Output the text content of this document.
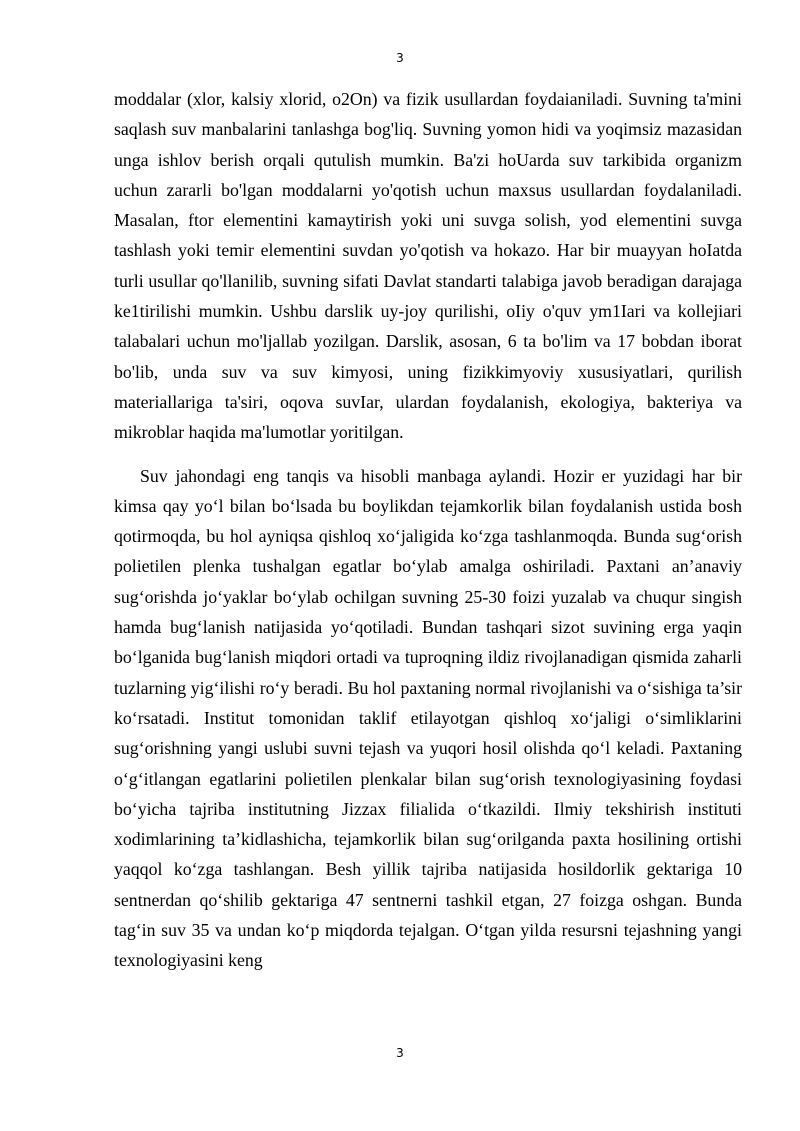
3

moddalar (xlor, kalsiy xlorid, o2On) va fizik usullardan foydaianiladi. Suvning ta'mini saqlash suv manbalarini tanlashga bog'liq. Suvning yomon hidi va yoqimsiz mazasidan unga ishlov berish orqali qutulish mumkin. Ba'zi hoUarda suv tarkibida organizm uchun zararli bo'lgan moddalarni yo'qotish uchun maxsus usullardan foydalaniladi. Masalan, ftor elementini kamaytirish yoki uni suvga solish, yod elementini suvga tashlash yoki temir elementini suvdan yo'qotish va hokazo. Har bir muayyan hoIatda turli usullar qo'llanilib, suvning sifati Davlat standarti talabiga javob beradigan darajaga ke1tirilishi mumkin. Ushbu darslik uy-joy qurilishi, oIiy o'quv ym1Iari va kollejiari talabalari uchun mo'ljallab yozilgan. Darslik, asosan, 6 ta bo'lim va 17 bobdan iborat bo'lib, unda suv va suv kimyosi, uning fizikkimyoviy xususiyatlari, qurilish materiallariga ta'siri, oqova suvIar, ulardan foydalanish, ekologiya, bakteriya va mikroblar haqida ma'lumotlar yoritilgan.

Suv jahondagi eng tanqis va hisobli manbaga aylandi. Hozir er yuzidagi har bir kimsa qay yo‘l bilan bo‘lsada bu boylikdan tejamkorlik bilan foydalanish ustida bosh qotirmoqda, bu hol ayniqsa qishloq xo‘jaligida ko‘zga tashlanmoqda. Bunda sug‘orish polietilen plenka tushalgan egatlar bo‘ylab amalga oshiriladi. Paxtani an’anaviy sug‘orishda jo‘yaklar bo‘ylab ochilgan suvning 25-30 foizi yuzalab va chuqur singish hamda bug‘lanish natijasida yo‘qotiladi. Bundan tashqari sizot suvining erga yaqin bo‘lganida bug‘lanish miqdori ortadi va tuproqning ildiz rivojlanadigan qismida zaharli tuzlarning yig‘ilishi ro‘y beradi. Bu hol paxtaning normal rivojlanishi va o‘sishiga ta’sir ko‘rsatadi. Institut tomonidan taklif etilayotgan qishloq xo‘jaligi o‘simliklarini sug‘orishning yangi uslubi suvni tejash va yuqori hosil olishda qo‘l keladi. Paxtaning o‘g‘itlangan egatlarini polietilen plenkalar bilan sug‘orish texnologiyasining foydasi bo‘yicha tajriba institutning Jizzax filialida o‘tkazildi. Ilmiy tekshirish instituti xodimlarining ta’kidlashicha, tejamkorlik bilan sug‘orilganda paxta hosilining ortishi yaqqol ko‘zga tashlangan. Besh yillik tajriba natijasida hosildorlik gektariga 10 sentnerdan qo‘shilib gektariga 47 sentnerni tashkil etgan, 27 foizga oshgan. Bunda tag‘in suv 35 va undan ko‘p miqdorda tejalgan. O‘tgan yilda resursni tejashning yangi texnologiyasini keng

3
